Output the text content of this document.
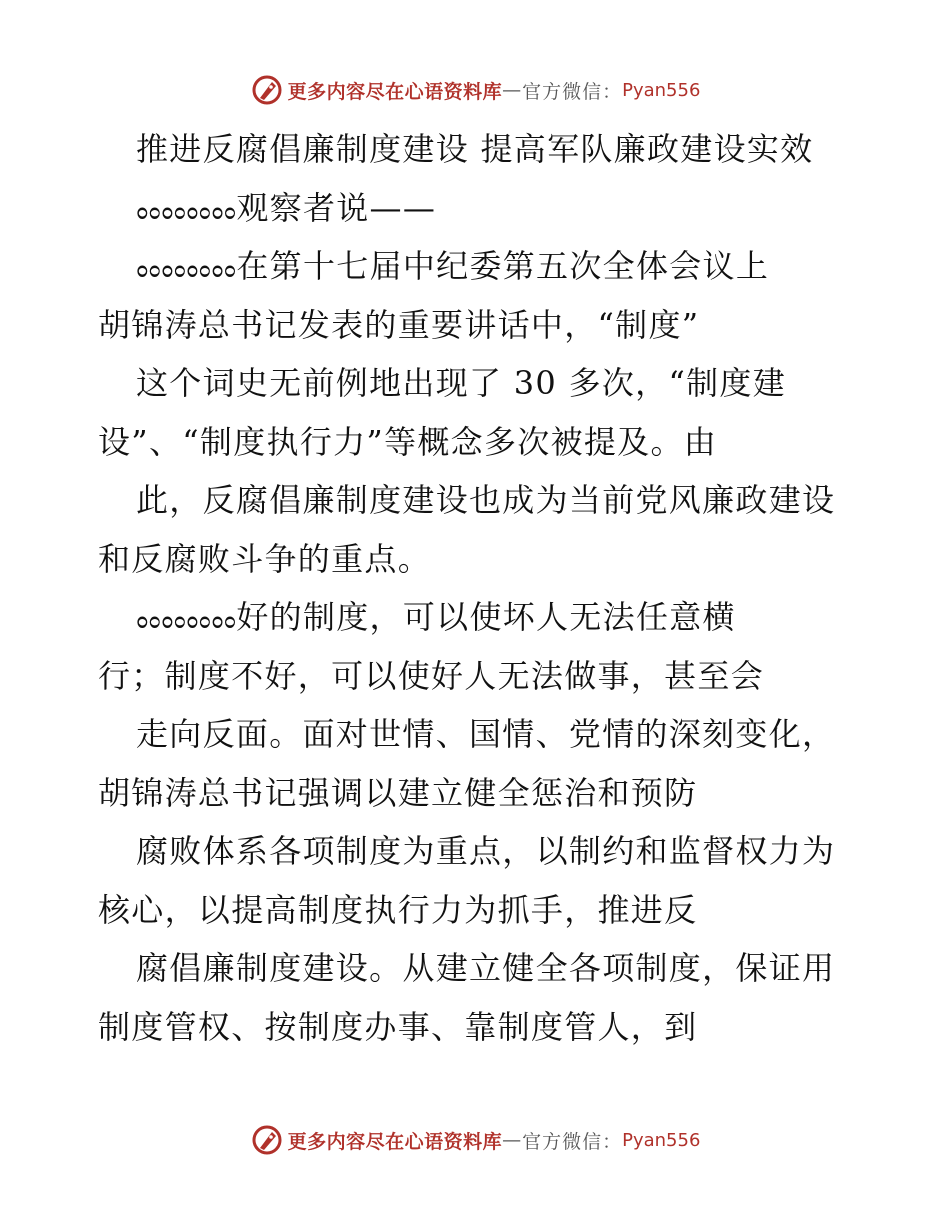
更多内容尽在心语资料库 — 官方微信： Pyan556
推进反腐倡廉制度建设 提高军队廉政建设实效
ೲೲೲೲ观察者说——
ೲೲೲೲ在第十七届中纪委第五次全体会议上
胡锦涛总书记发表的重要讲话中，“制度”
这个词史无前例地出现了 30 多次，“制度建
设”、“制度执行力”等概念多次被提及。由
此，反腐倡廉制度建设也成为当前党风廉政建设
和反腐败斗争的重点。
ೲೲೲೲ好的制度，可以使坏人无法任意横
行；制度不好，可以使好人无法做事，甚至会
走向反面。面对世情、国情、党情的深刻变化，
胡锦涛总书记强调以建立健全惩治和预防
腐败体系各项制度为重点，以制约和监督权力为
核心，以提高制度执行力为抓手，推进反
腐倡廉制度建设。从建立健全各项制度，保证用
制度管权、按制度办事、靠制度管人，到
更多内容尽在心语资料库 — 官方微信： Pyan556
